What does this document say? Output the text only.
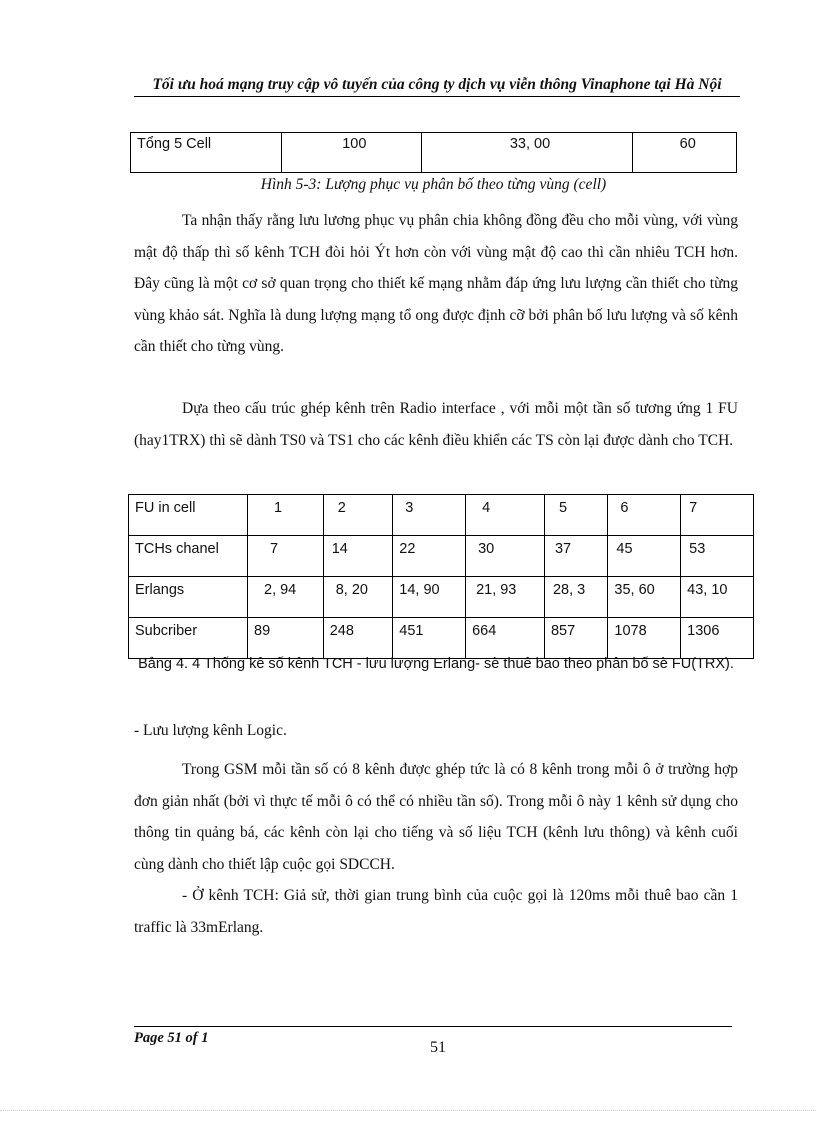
Tối ưu hoá mạng truy cập vô tuyến của công ty dịch vụ viễn thông Vinaphone tại Hà Nội
Tổng 5 Cell	100	33, 00	60
Hình 5-3: Lượng phục vụ phân bố theo từng vùng (cell)
Ta nhận thấy rằng lưu lương phục vụ phân chia không đồng đều cho mỗi vùng, với vùng mật độ thấp thì số kênh TCH đòi hỏi Ýt hơn còn với vùng mật độ cao thì cần nhiêu TCH hơn. Đây cũng là một cơ sở quan trọng cho thiết kế mạng nhằm đáp ứng lưu lượng cần thiết cho từng vùng khảo sát. Nghĩa là dung lượng mạng tổ ong được định cỡ bởi phân bố lưu lượng và số kênh cần thiết cho từng vùng.
Dựa theo cấu trúc ghép kênh trên Radio interface , với mỗi một tần số tương ứng 1 FU (hay1TRX) thì sẽ dành TS0 và TS1 cho các kênh điều khiển các TS còn lại được dành cho TCH.
FU in cell	1	2	3	4	5	6	7
TCHs chanel	7	14	22	30	37	45	53
Erlangs	2, 94	8, 20	14, 90	21, 93	28, 3	35, 60	43, 10
Subcriber	89	248	451	664	857	1078	1306
Bảng 4. 4 Thống kê số kênh TCH - lưu lượng Erlang- sè thuê bao theo phân bố sè FU(TRX).
- Lưu lượng kênh Logic.
Trong GSM mỗi tần số có 8 kênh được ghép tức là có 8 kênh trong mỗi ô ở trường hợp đơn giản nhất (bởi vì thực tế mỗi ô có thể có nhiều tần số). Trong mỗi ô này 1 kênh sử dụng cho thông tin quảng bá, các kênh còn lại cho tiếng và số liệu TCH (kênh lưu thông) và kênh cuối cùng dành cho thiết lập cuộc gọi SDCCH.
- Ở kênh TCH: Giả sử, thời gian trung bình của cuộc gọi là 120ms mỗi thuê bao cần 1 traffic là 33mErlang.
Page 51 of 1
51
